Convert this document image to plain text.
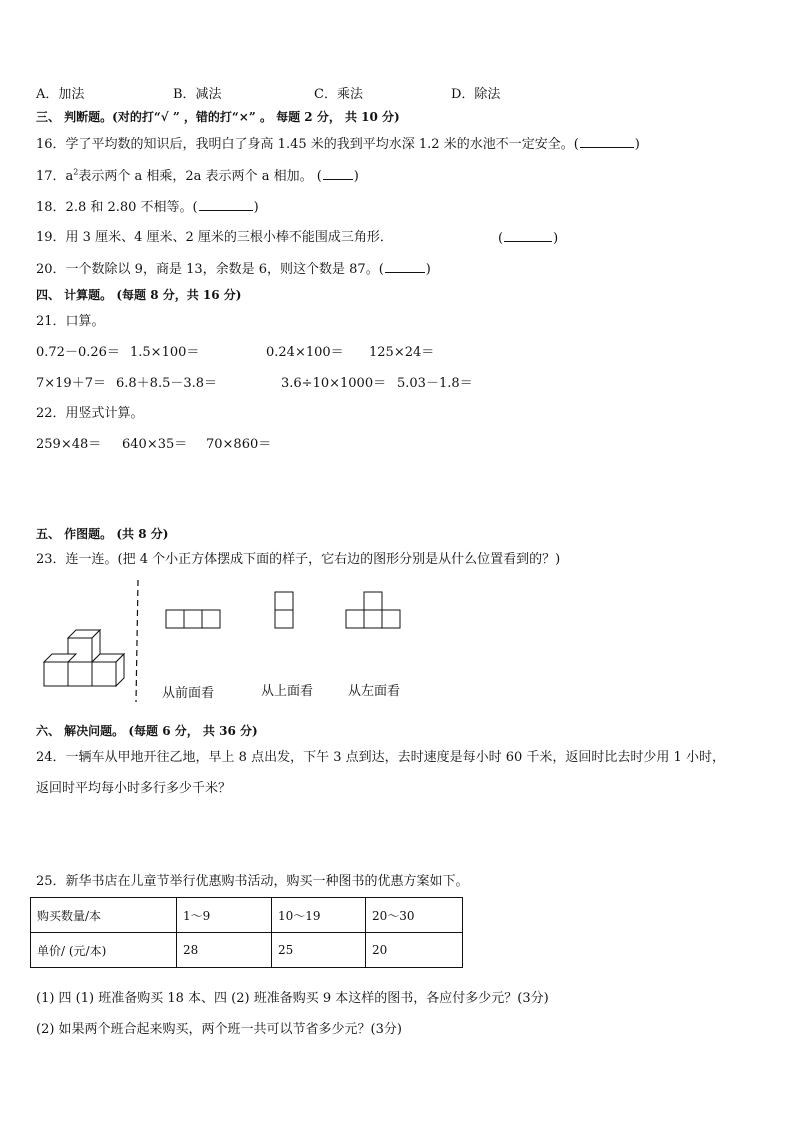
A．加法	B．减法	C．乘法	D．除法
三、 判断题。(对的打“√ ” ，错的打“×” 。 每题 2 分， 共 10 分)
16．学了平均数的知识后，我明白了身高 1.45 米的我到平均水深 1.2 米的水池不一定安全。(	)
17．$a^2$表示两个 a 相乘，2a 表示两个 a 相加。 ( )
18．2.8 和 2.80 不相等。(	)
19．用 3 厘米、4 厘米、2 厘米的三根小棒不能围成三角形．	(	)
20．一个数除以 9，商是 13，余数是 6，则这个数是 87。(	)
四、 计算题。 (每题 8 分，共 16 分)
21．口算。
0.72－0.26＝ 1.5×100＝	0.24×100＝ 125×24＝
7×19＋7＝ 6.8＋8.5－3.8＝	3.6÷10×1000＝ 5.03－1.8＝
22．用竖式计算。
259×48＝ 640×35＝ 70×860＝
五、 作图题。 (共 8 分)
23．连一连。(把 4 个小正方体摆成下面的样子，它右边的图形分别是从什么位置看到的？)
从前面看	从上面看	从左面看
六、 解决问题。 (每题 6 分， 共 36 分)
24．一辆车从甲地开往乙地，早上 8 点出发，下午 3 点到达，去时速度是每小时 60 千米，返回时比去时少用 1 小时，
返回时平均每小时多行多少千米？
25．新华书店在儿童节举行优惠购书活动，购买一种图书的优惠方案如下。
购买数量/本	1～9	10～19	20～30
单价/ (元/本)	28	25	20
(1) 四 (1) 班准备购买 18 本、四 (2) 班准备购买 9 本这样的图书，各应付多少元？(3分)
(2) 如果两个班合起来购买，两个班一共可以节省多少元？(3分)
